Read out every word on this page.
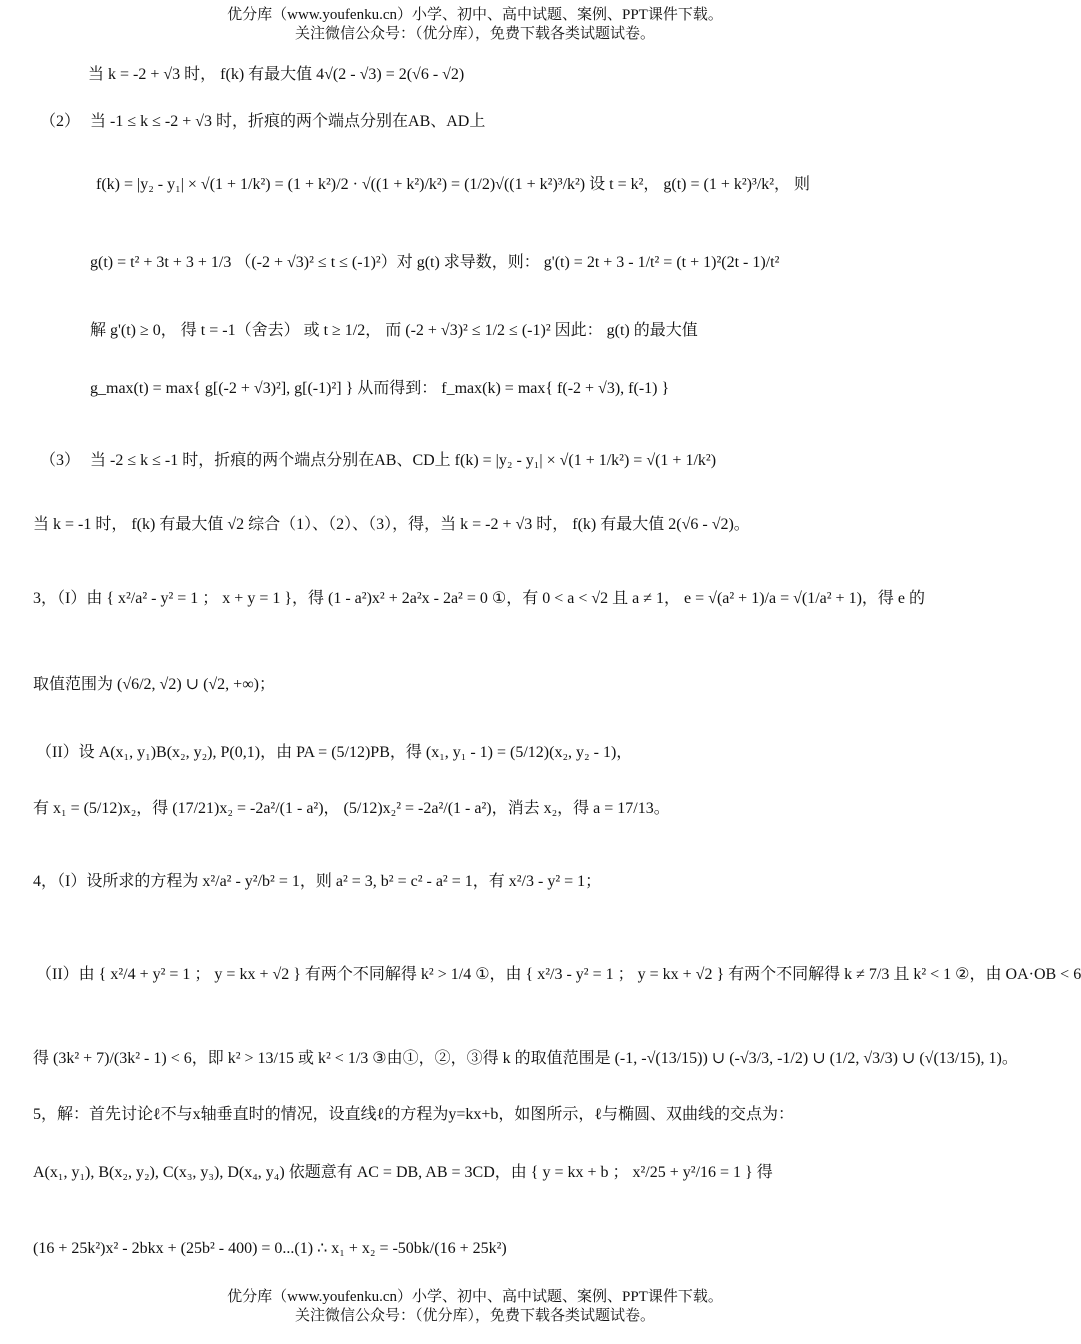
优分库（www.youfenku.cn）小学、初中、高中试题、案例、PPT课件下载。
关注微信公众号：（优分库），免费下载各类试题试卷。
当 k = -2 + √3 时， f(k) 有最大值 4√(2 - √3) = 2(√6 - √2)
（2） 当 -1 ≤ k ≤ -2 + √3 时，折痕的两个端点分别在AB、AD上
f(k) = |y₂ - y₁| × √(1 + 1/k²) = (1 + k²)/2 · √((1 + k²)/k²) = (1/2)√((1 + k²)³/k²) 设 t = k²， g(t) = (1 + k²)³/k²， 则
g(t) = t² + 3t + 3 + 1/3 （(-2 + √3)² ≤ t ≤ (-1)²）对 g(t) 求导数，则： g'(t) = 2t + 3 - 1/t² = (t + 1)²(2t - 1)/t²
解 g'(t) ≥ 0， 得 t = -1（舍去） 或 t ≥ 1/2， 而 (-2 + √3)² ≤ 1/2 ≤ (-1)² 因此： g(t) 的最大值
g_max(t) = max{ g[(-2 + √3)²], g[(-1)²] } 从而得到： f_max(k) = max{ f(-2 + √3), f(-1) }
（3） 当 -2 ≤ k ≤ -1 时，折痕的两个端点分别在AB、CD上 f(k) = |y₂ - y₁| × √(1 + 1/k²) = √(1 + 1/k²)
当 k = -1 时， f(k) 有最大值 √2 综合（1）、（2）、（3），得，当 k = -2 + √3 时， f(k) 有最大值 2(√6 - √2)。
3，（I）由 { x²/a² - y² = 1 ； x + y = 1 }，得 (1 - a²)x² + 2a²x - 2a² = 0 ①，有 0 < a < √2 且 a ≠ 1， e = √(a² + 1)/a = √(1/a² + 1)，得 e 的
取值范围为 (√6/2, √2) ∪ (√2, +∞)；
（II）设 A(x₁, y₁)B(x₂, y₂), P(0,1)，由 PA = (5/12)PB，得 (x₁, y₁ - 1) = (5/12)(x₂, y₂ - 1)，
有 x₁ = (5/12)x₂，得 (17/21)x₂ = -2a²/(1 - a²)， (5/12)x₂² = -2a²/(1 - a²)，消去 x₂，得 a = 17/13。
4，（I）设所求的方程为 x²/a² - y²/b² = 1，则 a² = 3, b² = c² - a² = 1，有 x²/3 - y² = 1；
（II）由 { x²/4 + y² = 1 ； y = kx + √2 } 有两个不同解得 k² > 1/4 ①，由 { x²/3 - y² = 1 ； y = kx + √2 } 有两个不同解得 k ≠ 7/3 且 k² < 1 ②，由 OA·OB < 6
得 (3k² + 7)/(3k² - 1) < 6，即 k² > 13/15 或 k² < 1/3 ③由①，②，③得 k 的取值范围是 (-1, -√(13/15)) ∪ (-√3/3, -1/2) ∪ (1/2, √3/3) ∪ (√(13/15), 1)。
5，解：首先讨论ℓ不与x轴垂直时的情况，设直线ℓ的方程为y=kx+b，如图所示，ℓ与椭圆、双曲线的交点为：
A(x₁, y₁), B(x₂, y₂), C(x₃, y₃), D(x₄, y₄) 依题意有 AC = DB, AB = 3CD，由 { y = kx + b ； x²/25 + y²/16 = 1 } 得
(16 + 25k²)x² - 2bkx + (25b² - 400) = 0...(1) ∴ x₁ + x₂ = -50bk/(16 + 25k²)
优分库（www.youfenku.cn）小学、初中、高中试题、案例、PPT课件下载。
关注微信公众号：（优分库），免费下载各类试题试卷。
